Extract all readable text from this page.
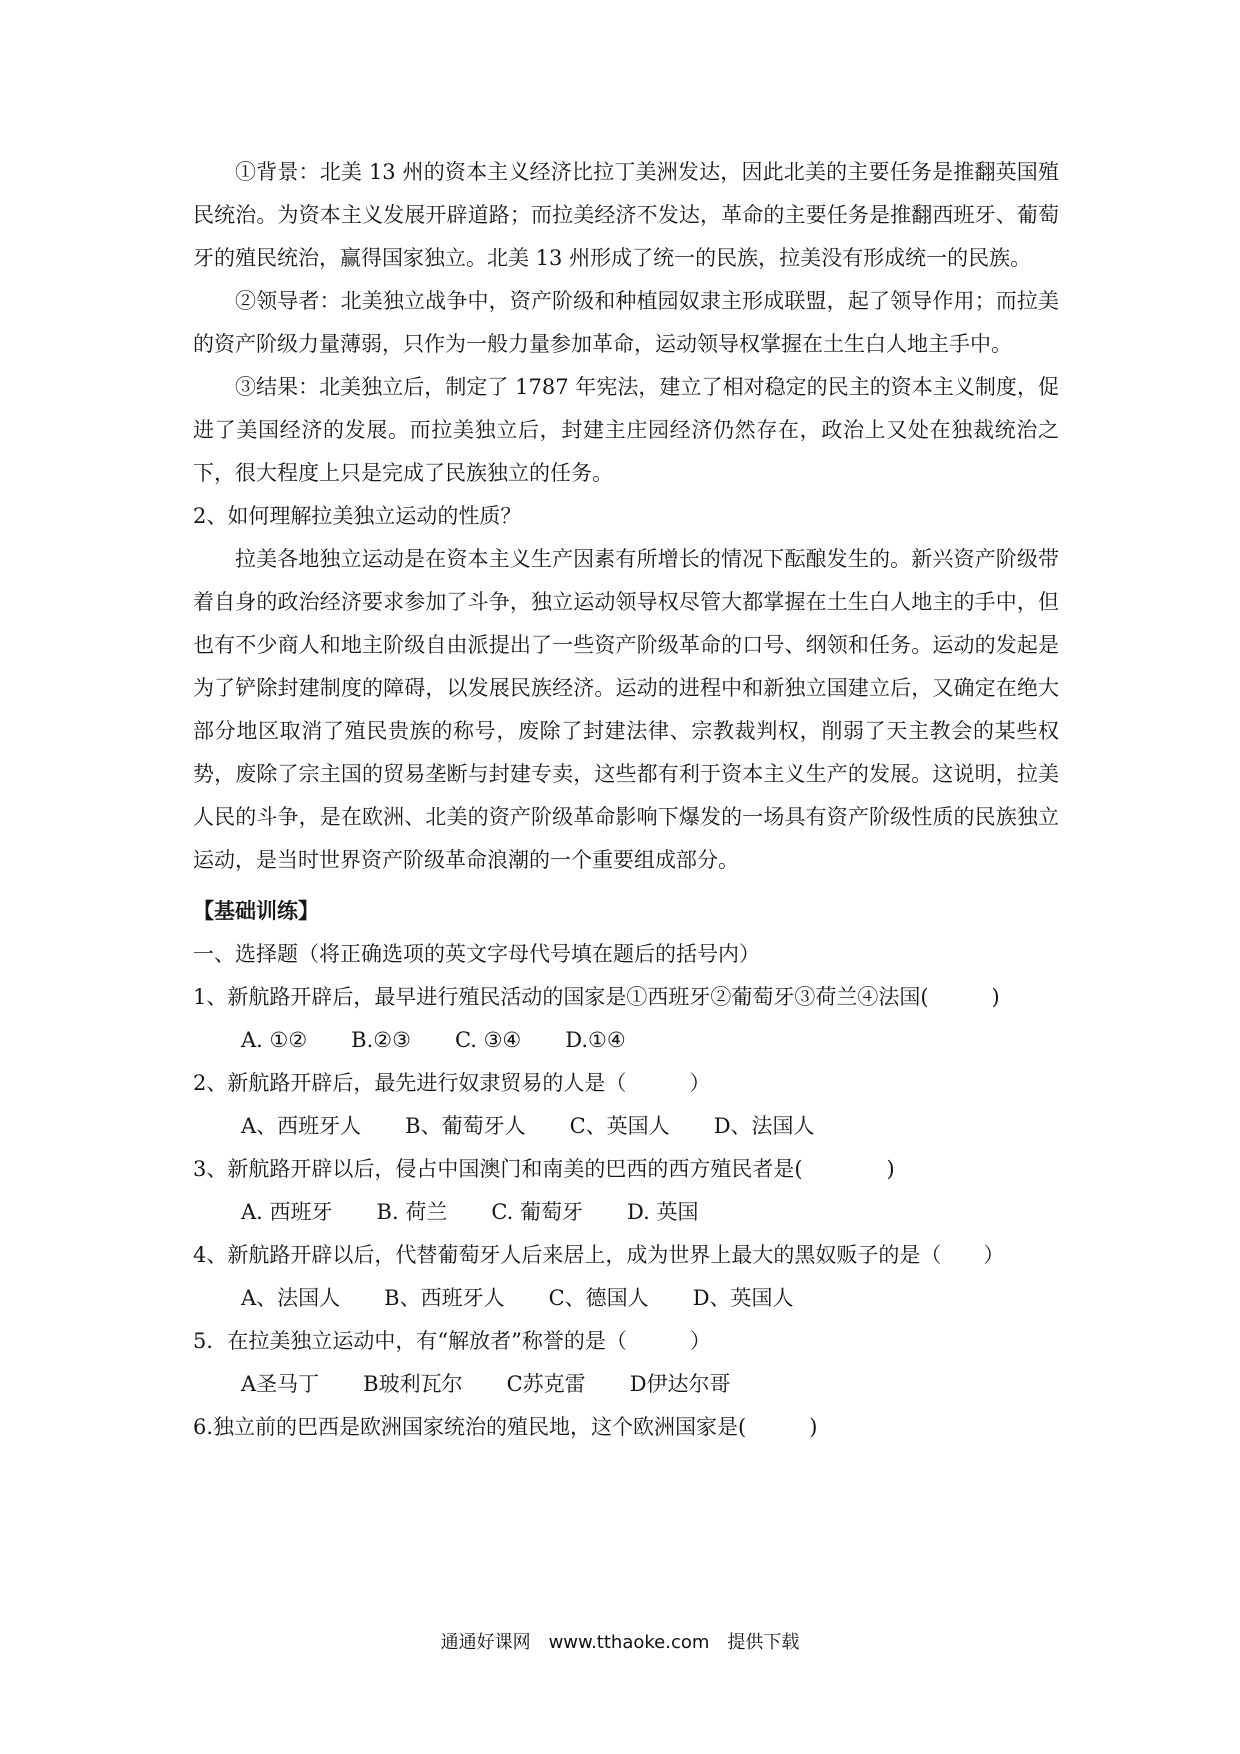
①背景：北美 13 州的资本主义经济比拉丁美洲发达，因此北美的主要任务是推翻英国殖民统治。为资本主义发展开辟道路；而拉美经济不发达，革命的主要任务是推翻西班牙、葡萄牙的殖民统治，赢得国家独立。北美 13 州形成了统一的民族，拉美没有形成统一的民族。

②领导者：北美独立战争中，资产阶级和种植园奴隶主形成联盟，起了领导作用；而拉美的资产阶级力量薄弱，只作为一般力量参加革命，运动领导权掌握在土生白人地主手中。

③结果：北美独立后，制定了 1787 年宪法，建立了相对稳定的民主的资本主义制度，促进了美国经济的发展。而拉美独立后，封建主庄园经济仍然存在，政治上又处在独裁统治之下，很大程度上只是完成了民族独立的任务。

2、如何理解拉美独立运动的性质？

拉美各地独立运动是在资本主义生产因素有所增长的情况下酝酿发生的。新兴资产阶级带着自身的政治经济要求参加了斗争，独立运动领导权尽管大都掌握在土生白人地主的手中，但也有不少商人和地主阶级自由派提出了一些资产阶级革命的口号、纲领和任务。运动的发起是为了铲除封建制度的障碍，以发展民族经济。运动的进程中和新独立国建立后，又确定在绝大部分地区取消了殖民贵族的称号，废除了封建法律、宗教裁判权，削弱了天主教会的某些权势，废除了宗主国的贸易垄断与封建专卖，这些都有利于资本主义生产的发展。这说明，拉美人民的斗争，是在欧洲、北美的资产阶级革命影响下爆发的一场具有资产阶级性质的民族独立运动，是当时世界资产阶级革命浪潮的一个重要组成部分。

【基础训练】

一、选择题（将正确选项的英文字母代号填在题后的括号内）

1、新航路开辟后，最早进行殖民活动的国家是①西班牙②葡萄牙③荷兰④法国(　　　)

A. ①② B.②③ C. ③④ D.①④

2、新航路开辟后，最先进行奴隶贸易的人是（　　　）

A、西班牙人 B、葡萄牙人 C、英国人 D、法国人

3、新航路开辟以后，侵占中国澳门和南美的巴西的西方殖民者是(　　　　)

A. 西班牙 B. 荷兰 C. 葡萄牙 D. 英国

4、新航路开辟以后，代替葡萄牙人后来居上，成为世界上最大的黑奴贩子的是（　　）

A、法国人 B、西班牙人 C、德国人 D、英国人

5．在拉美独立运动中，有“解放者”称誉的是（　　　）

A圣马丁 B玻利瓦尔 C苏克雷 D伊达尔哥

6.独立前的巴西是欧洲国家统治的殖民地，这个欧洲国家是(　　　)

通通好课网　www.tthaoke.com　提供下载
